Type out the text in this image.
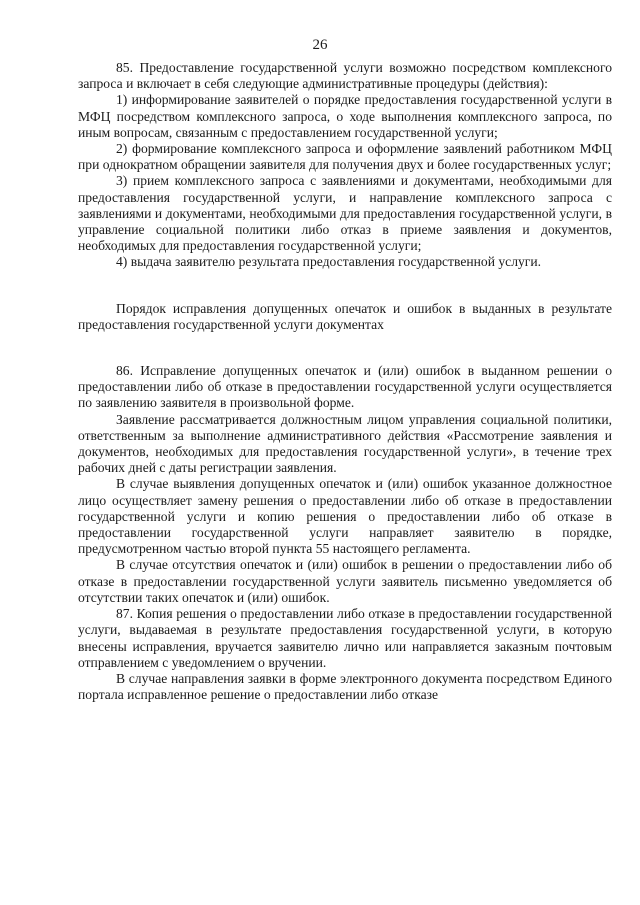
26

85. Предоставление государственной услуги возможно посредством комплексного запроса и включает в себя следующие административные процедуры (действия):

1) информирование заявителей о порядке предоставления государственной услуги в МФЦ посредством комплексного запроса, о ходе выполнения комплексного запроса, по иным вопросам, связанным с предоставлением государственной услуги;

2) формирование комплексного запроса и оформление заявлений работником МФЦ при однократном обращении заявителя для получения двух и более государственных услуг;

3) прием комплексного запроса с заявлениями и документами, необходимыми для предоставления государственной услуги, и направление комплексного запроса с заявлениями и документами, необходимыми для предоставления государственной услуги, в управление социальной политики либо отказ в приеме заявления и документов, необходимых для предоставления государственной услуги;

4) выдача заявителю результата предоставления государственной услуги.

Порядок исправления допущенных опечаток и ошибок в выданных в результате предоставления государственной услуги документах

86. Исправление допущенных опечаток и (или) ошибок в выданном решении о предоставлении либо об отказе в предоставлении государственной услуги осуществляется по заявлению заявителя в произвольной форме.

Заявление рассматривается должностным лицом управления социальной политики, ответственным за выполнение административного действия «Рассмотрение заявления и документов, необходимых для предоставления государственной услуги», в течение трех рабочих дней с даты регистрации заявления.

В случае выявления допущенных опечаток и (или) ошибок указанное должностное лицо осуществляет замену решения о предоставлении либо об отказе в предоставлении государственной услуги и копию решения о предоставлении либо об отказе в предоставлении государственной услуги направляет заявителю в порядке, предусмотренном частью второй пункта 55 настоящего регламента.

В случае отсутствия опечаток и (или) ошибок в решении о предоставлении либо об отказе в предоставлении государственной услуги заявитель письменно уведомляется об отсутствии таких опечаток и (или) ошибок.

87. Копия решения о предоставлении либо отказе в предоставлении государственной услуги, выдаваемая в результате предоставления государственной услуги, в которую внесены исправления, вручается заявителю лично или направляется заказным почтовым отправлением с уведомлением о вручении.

В случае направления заявки в форме электронного документа посредством Единого портала исправленное решение о предоставлении либо отказе
